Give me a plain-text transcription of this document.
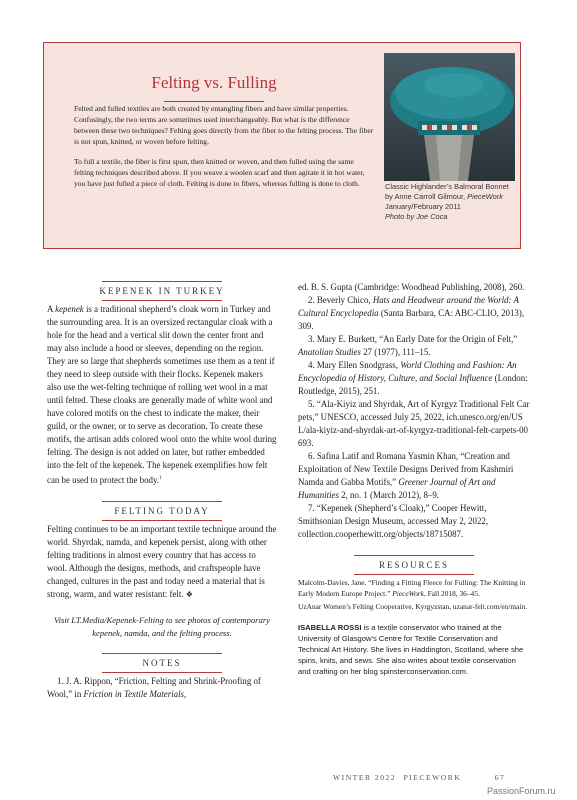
Felting vs. Fulling

Felted and fulled textiles are both created by entangling fibers and have similar properties. Confusingly, the two terms are sometimes used interchangeably. But what is the difference between these two techniques? Felting goes directly from the fiber to the felting process. The fiber is not spun, knitted, or woven before felting.

To full a textile, the fiber is first spun, then knitted or woven, and then fulled using the same felting techniques described above. If you weave a woolen scarf and then agitate it in hot water, you have just fulled a piece of cloth. Felting is done to fibers, whereas fulling is done to cloth.	Classic Highlander’s Balmoral Bonnet
by Anne Carroll Gilmour, PieceWork
January/February 2011
Photo by Joe Coca
KEPENEK IN TURKEY

A kepenek is a traditional shepherd’s cloak worn in Turkey and the surrounding area. It is an oversized rectangular cloak with a hole for the head and a vertical slit down the center front and may also include a hood or sleeves, depending on the region. They are so large that shepherds sometimes use them as a tent if they need to sleep outside with their flocks. Kepenek makers also use the wet-felting technique of rolling wet wool in a mat until felted. These cloaks are generally made of white wool and have colored motifs on the chest to indicate the maker, their guild, or the owner, or to serve as decoration. To create these motifs, the artisan adds colored wool onto the white wool during felting. The design is not added on later, but rather embedded into the felt of the kepenek. The kepenek exemplifies how felt can be used to protect the body.$^1$

FELTING TODAY

Felting continues to be an important textile technique around the world. Shyrdak, namda, and kepenek persist, along with other felting traditions in almost every country that has access to wool. Although the designs, methods, and craftspeople have changed, cultures in the past and today need a material that is strong, warm, and water resistant: felt. ❖

Visit LT.Media/Kepenek-Felting to see photos of contemporary kepenek, namda, and the felting process.

NOTES

1. J. A. Rippon, “Friction, Felting and Shrink-Proofing of Wool,” in Friction in Textile Materials,

ed. B. S. Gupta (Cambridge: Woodhead Publishing, 2008), 260.

2. Beverly Chico, Hats and Headwear around the World: A Cultural Encyclopedia (Santa Barbara, CA: ABC-CLIO, 2013), 309.

3. Mary E. Burkett, “An Early Date for the Origin of Felt,” Anatolian Studies 27 (1977), 111–15.

4. Mary Ellen Snodgrass, World Clothing and Fashion: An Encyclopedia of History, Culture, and Social Influence (London: Routledge, 2015), 251.

5. “Ala-Kiyiz and Shyrdak, Art of Kyrgyz Traditional Felt Carpets,” UNESCO, accessed July 25, 2022, ich.unesco.org/en/USL/ala-kiyiz-and-shyrdak-art-of-kyrgyz-traditional-felt-carpets-00693.

6. Safina Latif and Romana Yasmin Khan, “Creation and Exploitation of New Textile Designs Derived from Kashmiri Namda and Gabba Motifs,” Greener Journal of Art and Humanities 2, no. 1 (March 2012), 8–9.

7. “Kepenek (Shepherd’s Cloak),” Cooper Hewitt, Smithsonian Design Museum, accessed May 2, 2022, collection.cooperhewitt.org/objects/18715087.

RESOURCES

Malcolm-Davies, Jane. “Finding a Fitting Fleece for Fulling: The Knitting in Early Modern Europe Project.” PieceWork, Fall 2018, 36–45.

UzAnar Women’s Felting Cooperative, Kyrgyzstan, uzanar-felt.com/en/main.

ISABELLA ROSSI is a textile conservator who trained at the University of Glasgow’s Centre for Textile Conservation and Technical Art History. She lives in Haddington, Scotland, where she spins, knits, and sews. She also writes about textile conservation and crafting on her blog spinsterconservation.com.
WINTER 2022 PIECEWORK	67
PassionForum.ru
